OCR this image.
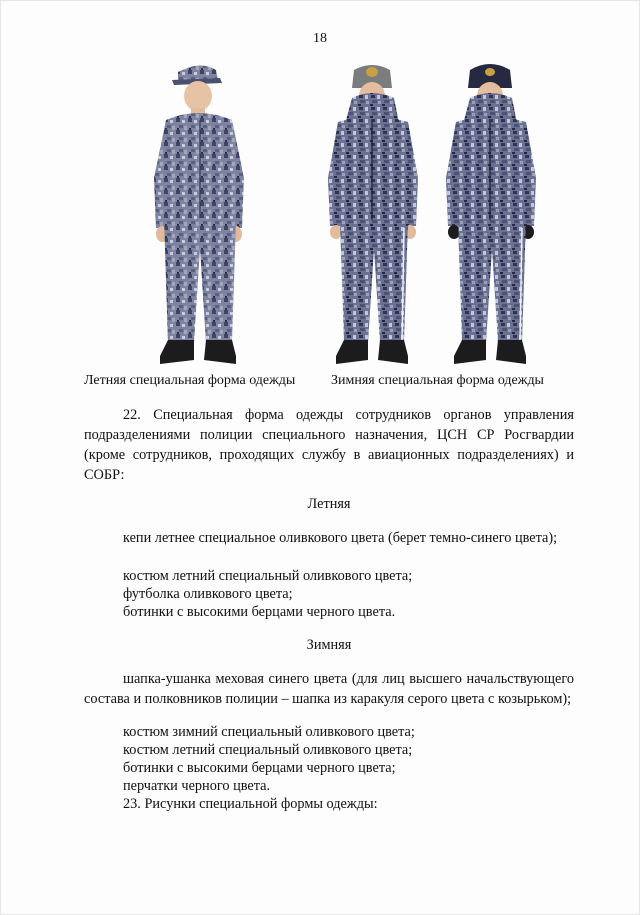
18
Летняя специальная форма одежды	Зимняя специальная форма одежды
22. Специальная форма одежды сотрудников органов управления подразделениями полиции специального назначения, ЦСН СР Росгвардии (кроме сотрудников, проходящих службу в авиационных подразделениях) и СОБР:
Летняя
кепи летнее специальное оливкового цвета (берет темно-синего цвета);
костюм летний специальный оливкового цвета;
футболка оливкового цвета;
ботинки с высокими берцами черного цвета.
Зимняя
шапка-ушанка меховая синего цвета (для лиц высшего начальствующего состава и полковников полиции – шапка из каракуля серого цвета с козырьком);
костюм зимний специальный оливкового цвета;
костюм летний специальный оливкового цвета;
ботинки с высокими берцами черного цвета;
перчатки черного цвета.
23. Рисунки специальной формы одежды:
